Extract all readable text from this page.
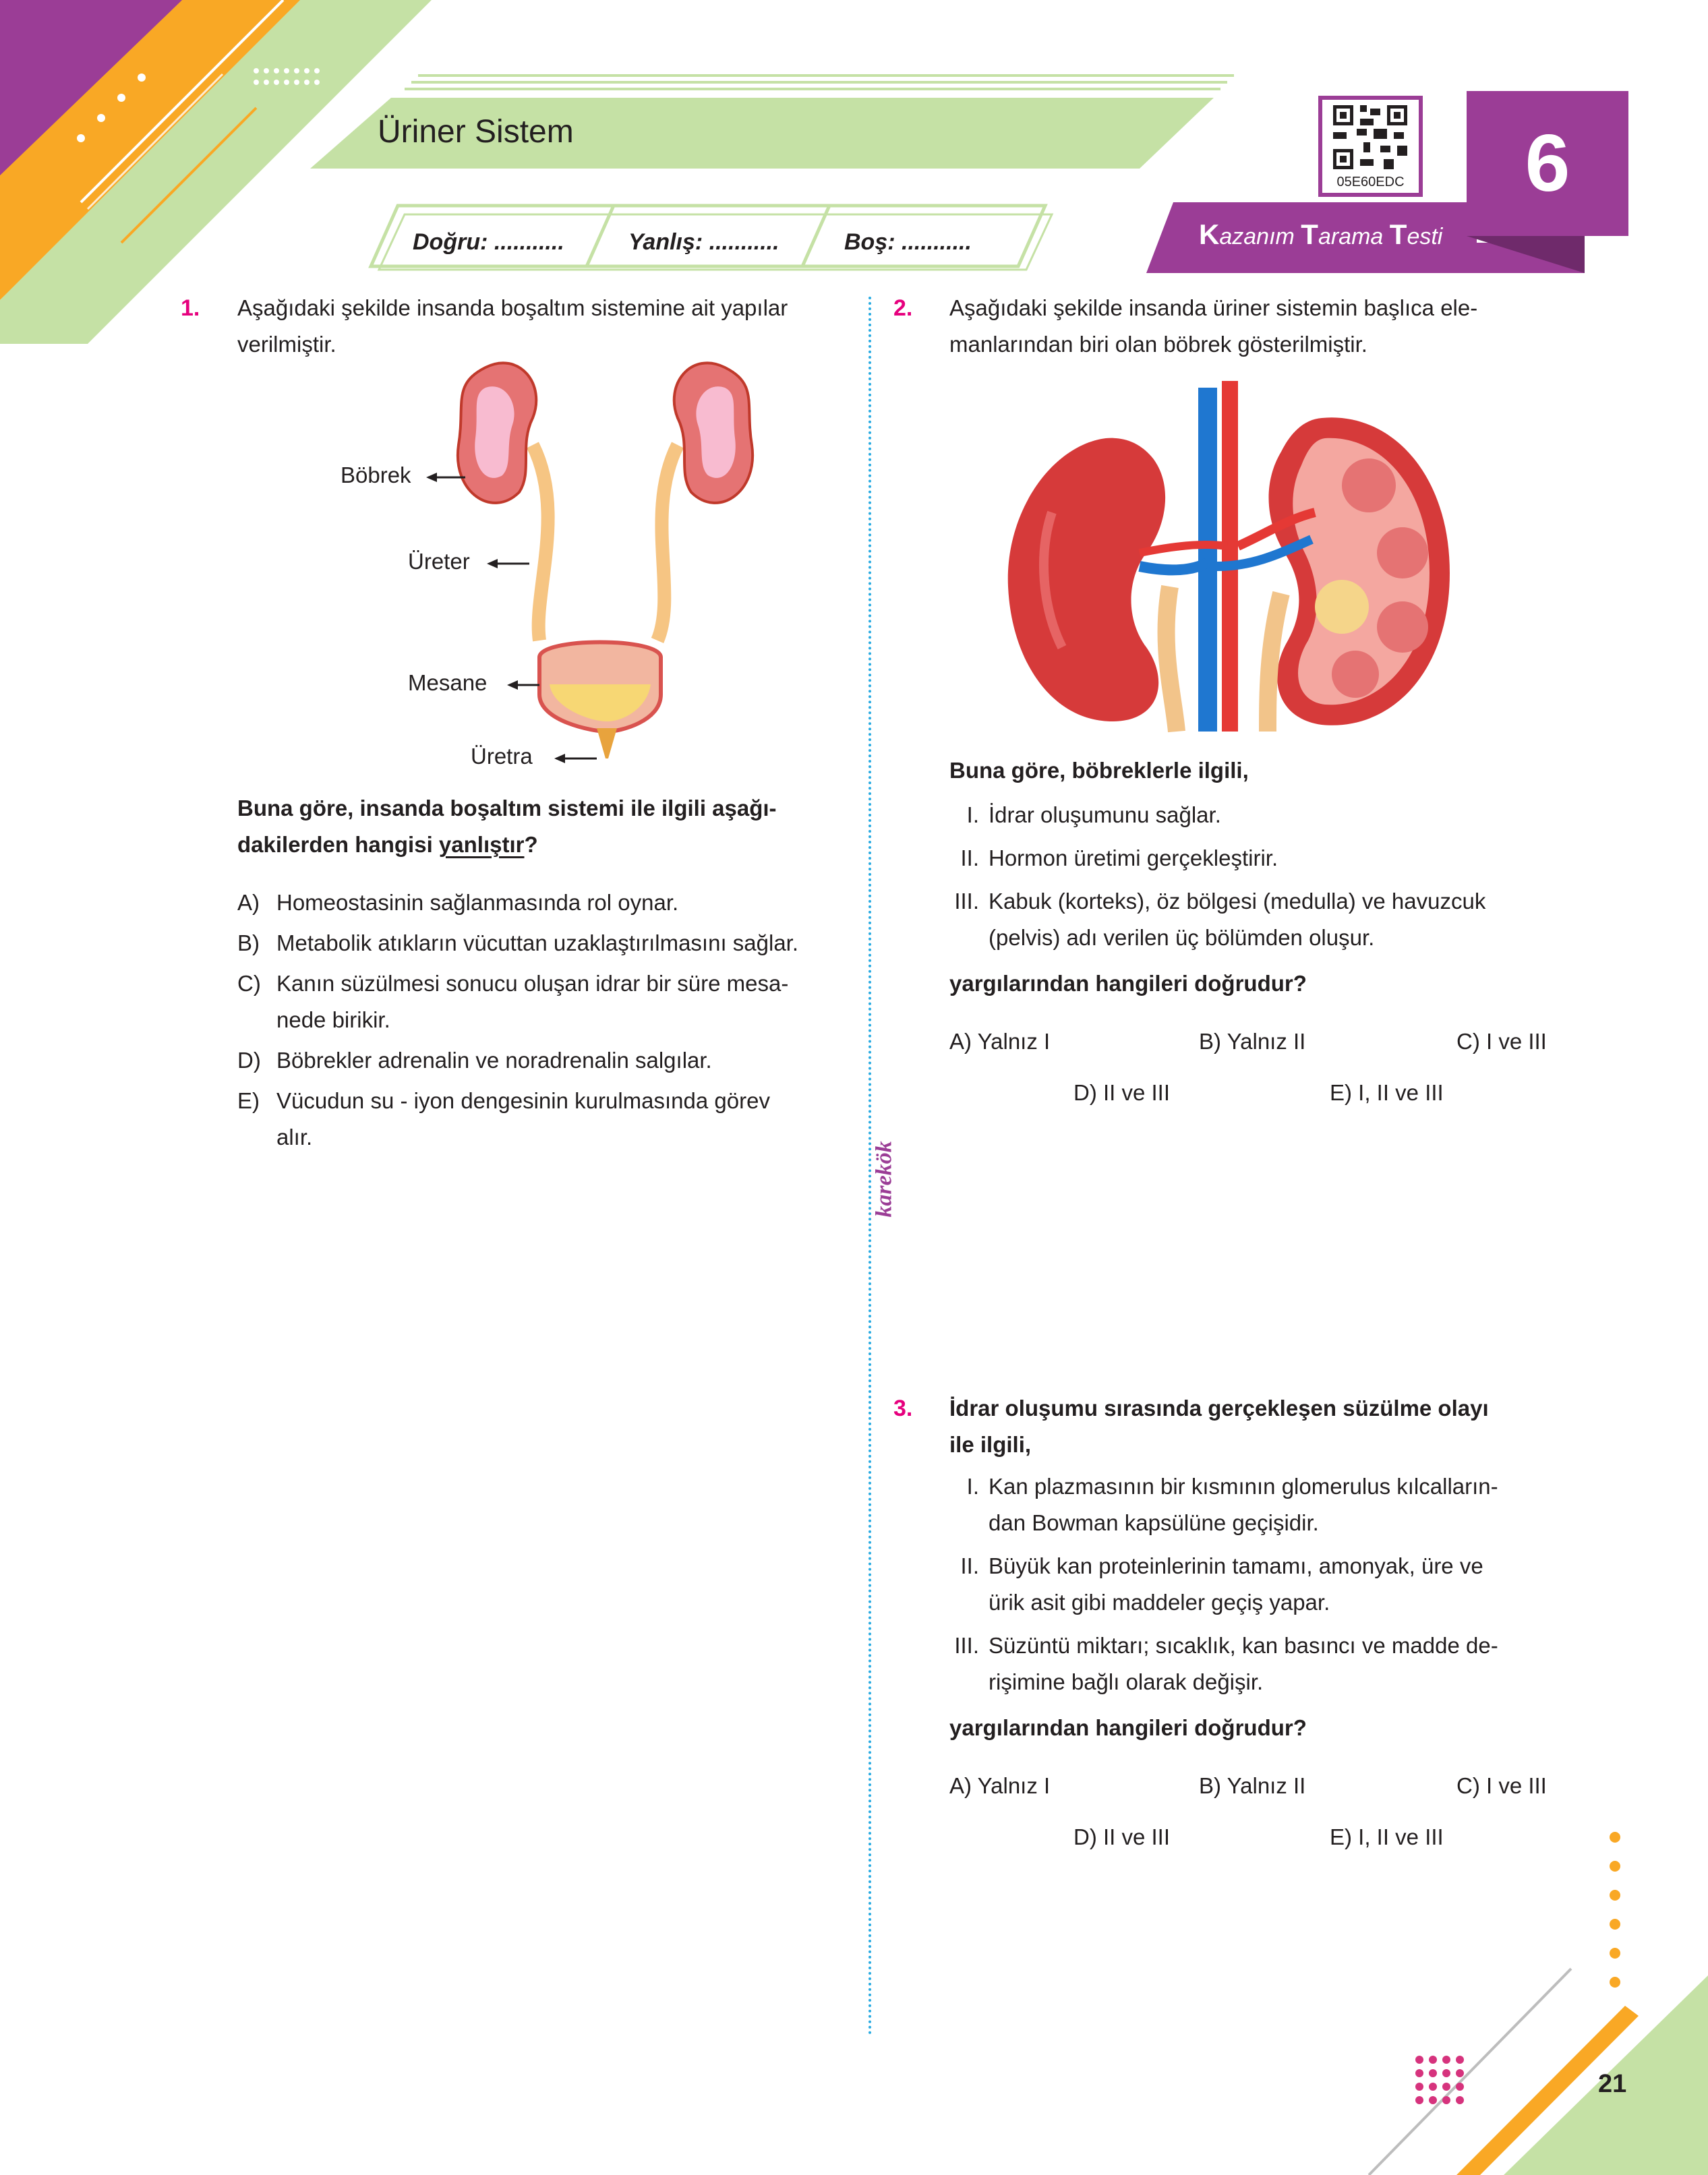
Üriner Sistem
Doğru: ...........	Yanlış: ...........	Boş: ...........
05E60EDC	6
Kazanım Tarama Testi
karekök
1. Aşağıdaki şekilde insanda boşaltım sistemine ait yapılar
verilmiştir.
Böbrek
Üreter
Mesane
Üretra
Buna göre, insanda boşaltım sistemi ile ilgili aşağı-
dakilerden hangisi yanlıştır?
A) Homeostasinin sağlanmasında rol oynar.
B) Metabolik atıkların vücuttan uzaklaştırılmasını sağlar.
C) Kanın süzülmesi sonucu oluşan idrar bir süre mesa-
nede birikir.
D) Böbrekler adrenalin ve noradrenalin salgılar.
E) Vücudun su - iyon dengesinin kurulmasında görev
alır.
2. Aşağıdaki şekilde insanda üriner sistemin başlıca ele-
manlarından biri olan böbrek gösterilmiştir.
Buna göre, böbreklerle ilgili,
I. İdrar oluşumunu sağlar.
II. Hormon üretimi gerçekleştirir.
III. Kabuk (korteks), öz bölgesi (medulla) ve havuzcuk
(pelvis) adı verilen üç bölümden oluşur.
yargılarından hangileri doğrudur?
A) Yalnız I	B) Yalnız II	C) I ve III
D) II ve III	E) I, II ve III
3. İdrar oluşumu sırasında gerçekleşen süzülme olayı
ile ilgili,
I. Kan plazmasının bir kısmının glomerulus kılcalların-
dan Bowman kapsülüne geçişidir.
II. Büyük kan proteinlerinin tamamı, amonyak, üre ve
ürik asit gibi maddeler geçiş yapar.
III. Süzüntü miktarı; sıcaklık, kan basıncı ve madde de-
rişimine bağlı olarak değişir.
yargılarından hangileri doğrudur?
A) Yalnız I	B) Yalnız II	C) I ve III
D) II ve III	E) I, II ve III
21
